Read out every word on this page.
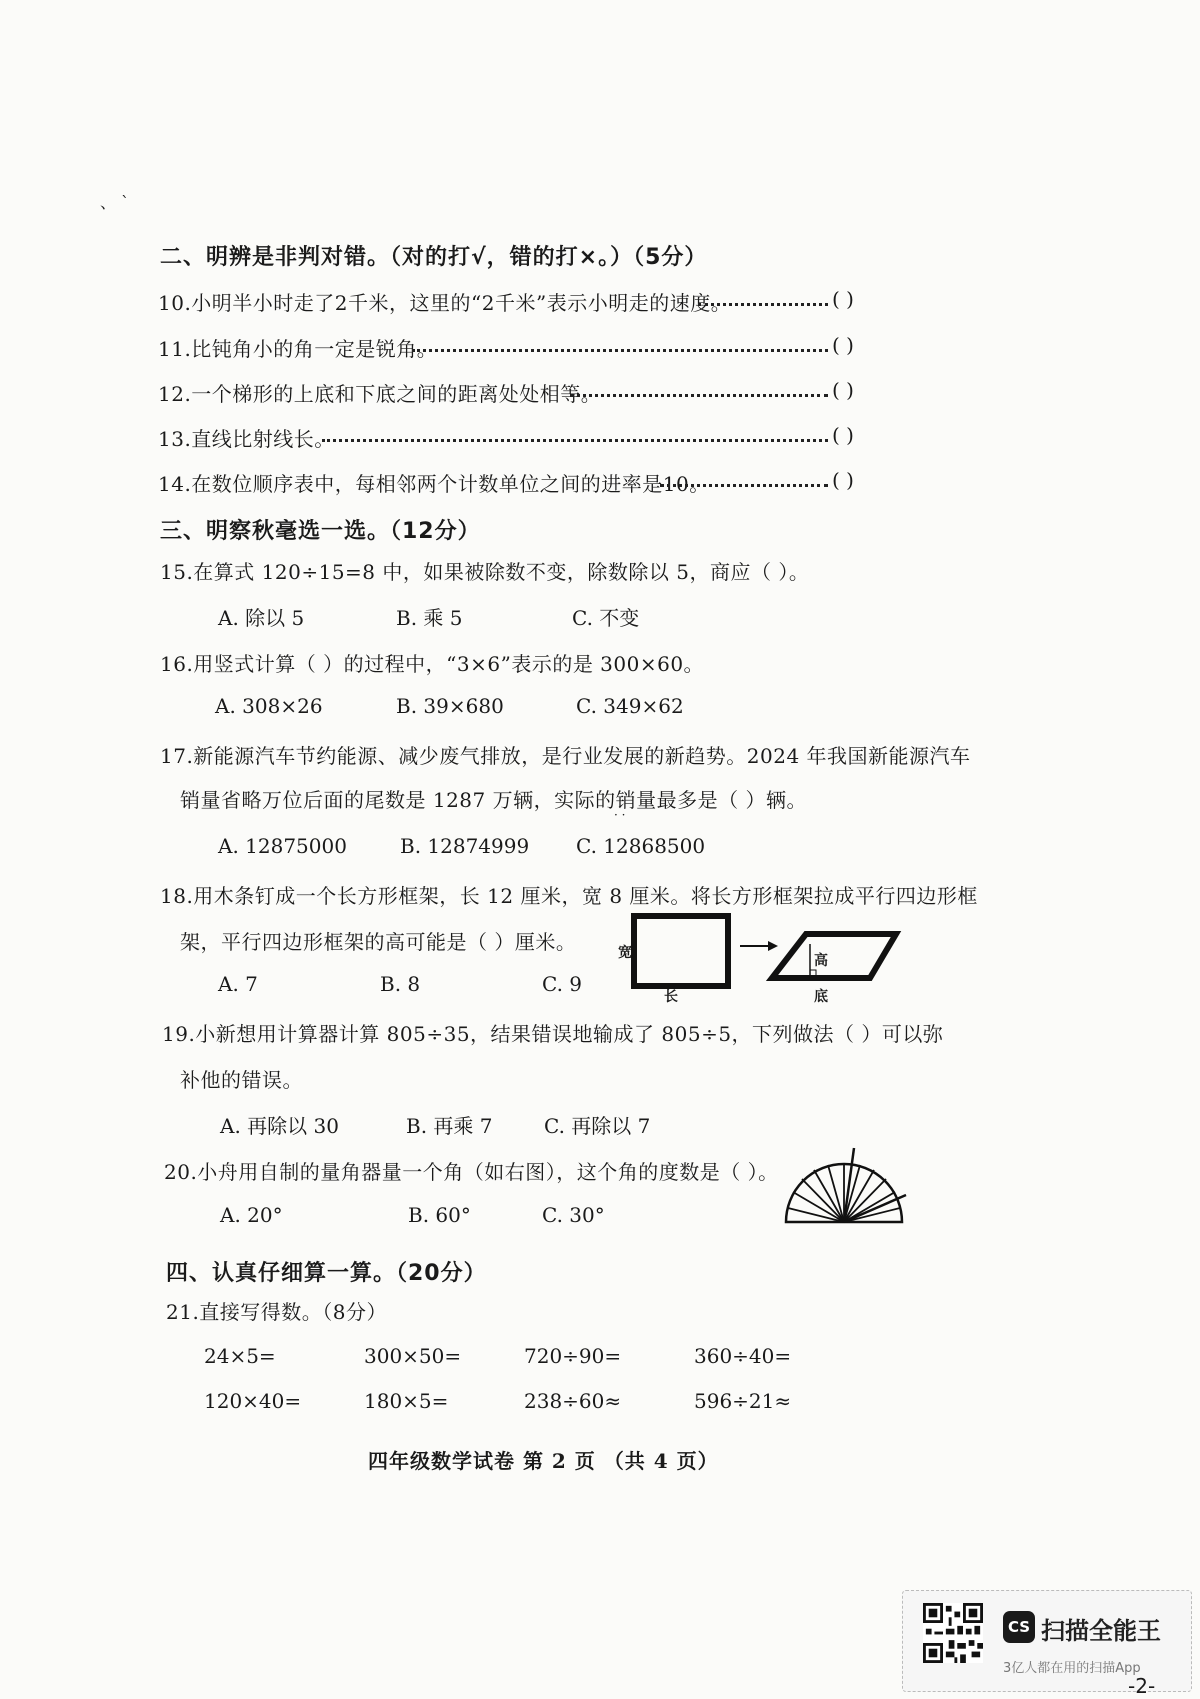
、 `
二、明辨是非判对错。（对的打√，错的打×。）（5分）
10.小明半小时走了2千米，这里的“2千米”表示小明走的速度。	( )
11.比钝角小的角一定是锐角。	( )
12.一个梯形的上底和下底之间的距离处处相等。	( )
13.直线比射线长。	( )
14.在数位顺序表中，每相邻两个计数单位之间的进率是10。	( )
三、明察秋毫选一选。（12分）
15.在算式 120÷15=8 中，如果被除数不变，除数除以 5，商应（ ）。
A. 除以 5	B. 乘 5	C. 不变
16.用竖式计算（ ）的过程中，“3×6”表示的是 300×60。
A. 308×26	B. 39×680	C. 349×62
17.新能源汽车节约能源、减少废气排放，是行业发展的新趋势。2024 年我国新能源汽车
销量省略万位后面的尾数是 1287 万辆，实际的销量最多是（ ）辆。
· ·
A. 12875000	B. 12874999 C. 12868500
18.用木条钉成一个长方形框架，长 12 厘米，宽 8 厘米。将长方形框架拉成平行四边形框
架，平行四边形框架的高可能是（ ）厘米。
A. 7	B. 8	C. 9
宽
长
高
底
19.小新想用计算器计算 805÷35，结果错误地输成了 805÷5，下列做法（ ）可以弥
补他的错误。
A. 再除以 30	B. 再乘 7	C. 再除以 7
20.小舟用自制的量角器量一个角（如右图），这个角的度数是（ ）。
A. 20°	B. 60°	C. 30°
四、认真仔细算一算。（20分）
21.直接写得数。（8分）
24×5=	300×50=	720÷90=	360÷40=
120×40=	180×5=	238÷60≈	596÷21≈
四年级数学试卷 第 2 页 （共 4 页）
CS 扫描全能王
3亿人都在用的扫描App
-2-
